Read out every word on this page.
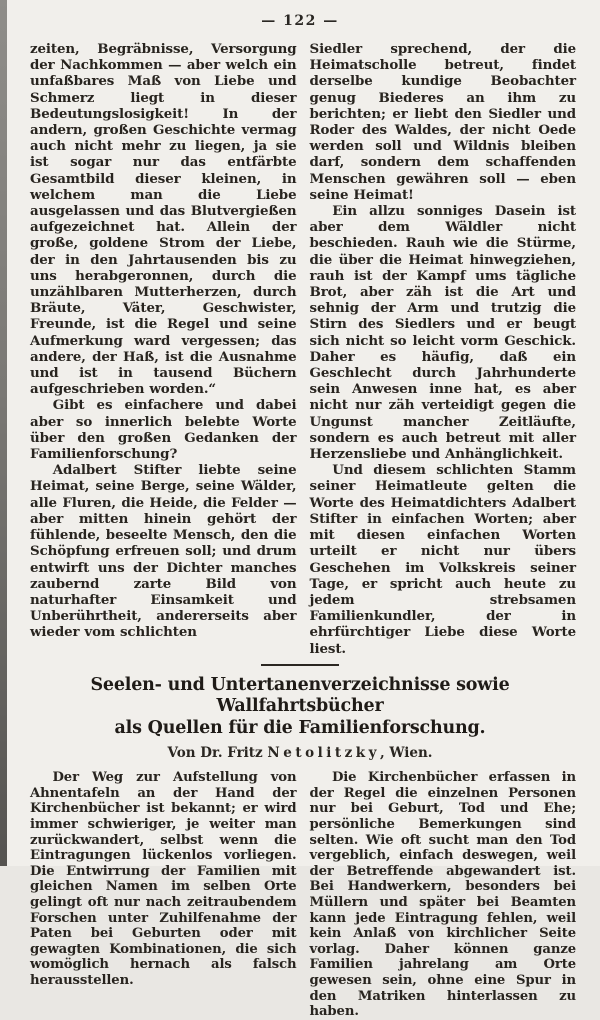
— 122 —

zeiten, Begräbnisse, Versorgung der Nachkommen — aber welch ein unfaßbares Maß von Liebe und Schmerz liegt in dieser Bedeutungslosigkeit! In der andern, großen Geschichte vermag auch nicht mehr zu liegen, ja sie ist sogar nur das entfärbte Gesamtbild dieser kleinen, in welchem man die Liebe ausgelassen und das Blutvergießen aufgezeichnet hat. Allein der große, goldene Strom der Liebe, der in den Jahrtausenden bis zu uns herabgeronnen, durch die unzählbaren Mutterherzen, durch Bräute, Väter, Geschwister, Freunde, ist die Regel und seine Aufmerkung ward vergessen; das andere, der Haß, ist die Ausnahme und ist in tausend Büchern aufgeschrieben worden.“

Gibt es einfachere und dabei aber so innerlich belebte Worte über den großen Gedanken der Familienforschung?

Adalbert Stifter liebte seine Heimat, seine Berge, seine Wälder, alle Fluren, die Heide, die Felder — aber mitten hinein gehört der fühlende, beseelte Mensch, den die Schöpfung erfreuen soll; und drum entwirft uns der Dichter manches zaubernd zarte Bild von naturhafter Einsamkeit und Unberührtheit, andererseits aber wieder vom schlichten

Siedler sprechend, der die Heimatscholle betreut, findet derselbe kundige Beobachter genug Biederes an ihm zu berichten; er liebt den Siedler und Roder des Waldes, der nicht Oede werden soll und Wildnis bleiben darf, sondern dem schaffenden Menschen gewähren soll — eben seine Heimat!

Ein allzu sonniges Dasein ist aber dem Wäldler nicht beschieden. Rauh wie die Stürme, die über die Heimat hinwegziehen, rauh ist der Kampf ums tägliche Brot, aber zäh ist die Art und sehnig der Arm und trutzig die Stirn des Siedlers und er beugt sich nicht so leicht vorm Geschick. Daher es häufig, daß ein Geschlecht durch Jahrhunderte sein Anwesen inne hat, es aber nicht nur zäh verteidigt gegen die Ungunst mancher Zeitläufte, sondern es auch betreut mit aller Herzensliebe und Anhänglichkeit.

Und diesem schlichten Stamm seiner Heimatleute gelten die Worte des Heimatdichters Adalbert Stifter in einfachen Worten; aber mit diesen einfachen Worten urteilt er nicht nur übers Geschehen im Volkskreis seiner Tage, er spricht auch heute zu jedem strebsamen Familienkundler, der in ehrfürchtiger Liebe diese Worte liest.

Seelen- und Untertanenverzeichnisse sowie Wallfahrtsbücher
als Quellen für die Familienforschung.
Von Dr. Fritz Netolitzky, Wien.

Der Weg zur Aufstellung von Ahnentafeln an der Hand der Kirchenbücher ist bekannt; er wird immer schwieriger, je weiter man zurückwandert, selbst wenn die Eintragungen lückenlos vorliegen. Die Entwirrung der Familien mit gleichen Namen im selben Orte gelingt oft nur nach zeitraubendem Forschen unter Zuhilfenahme der Paten bei Geburten oder mit gewagten Kombinationen, die sich womöglich hernach als falsch herausstellen.

Die Kirchenbücher erfassen in der Regel die einzelnen Personen nur bei Geburt, Tod und Ehe; persönliche Bemerkungen sind selten. Wie oft sucht man den Tod vergeblich, einfach deswegen, weil der Betreffende abgewandert ist. Bei Handwerkern, besonders bei Müllern und später bei Beamten kann jede Eintragung fehlen, weil kein Anlaß von kirchlicher Seite vorlag. Daher können ganze Familien jahrelang am Orte gewesen sein, ohne eine Spur in den Matriken hinterlassen zu haben.
